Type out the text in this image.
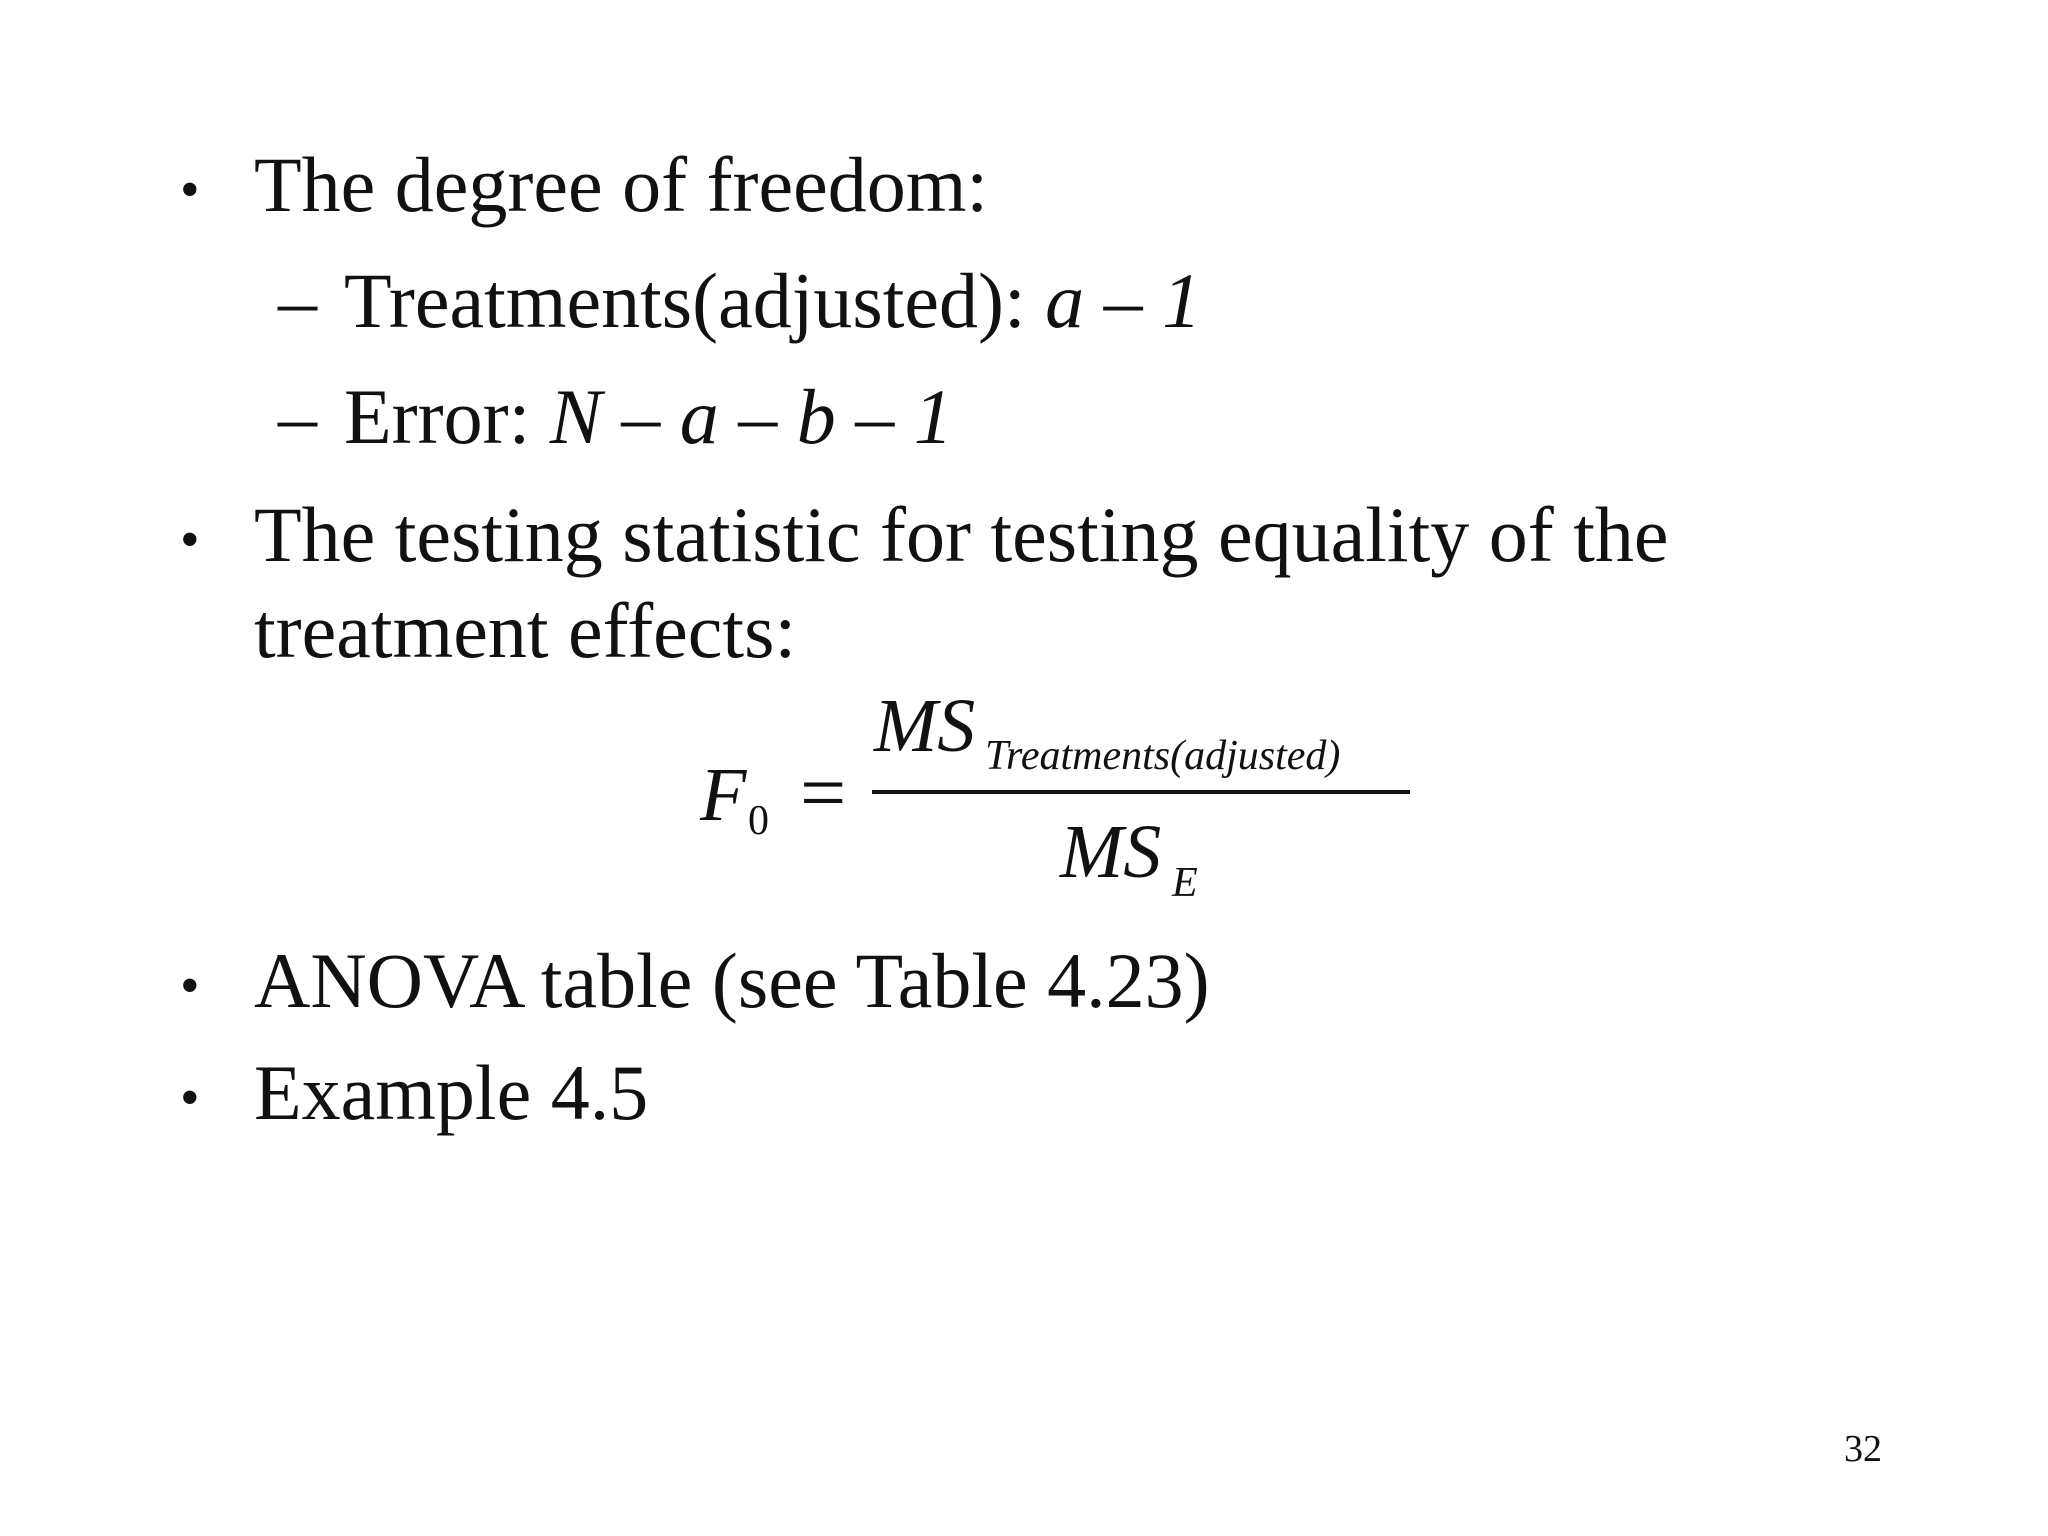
• The degree of freedom:
– Treatments(adjusted): a – 1
– Error: N – a – b – 1
• The testing statistic for testing equality of the
treatment effects:
F 0 =
MS Treatments(adjusted)
MS E
• ANOVA table (see Table 4.23)
• Example 4.5
32
